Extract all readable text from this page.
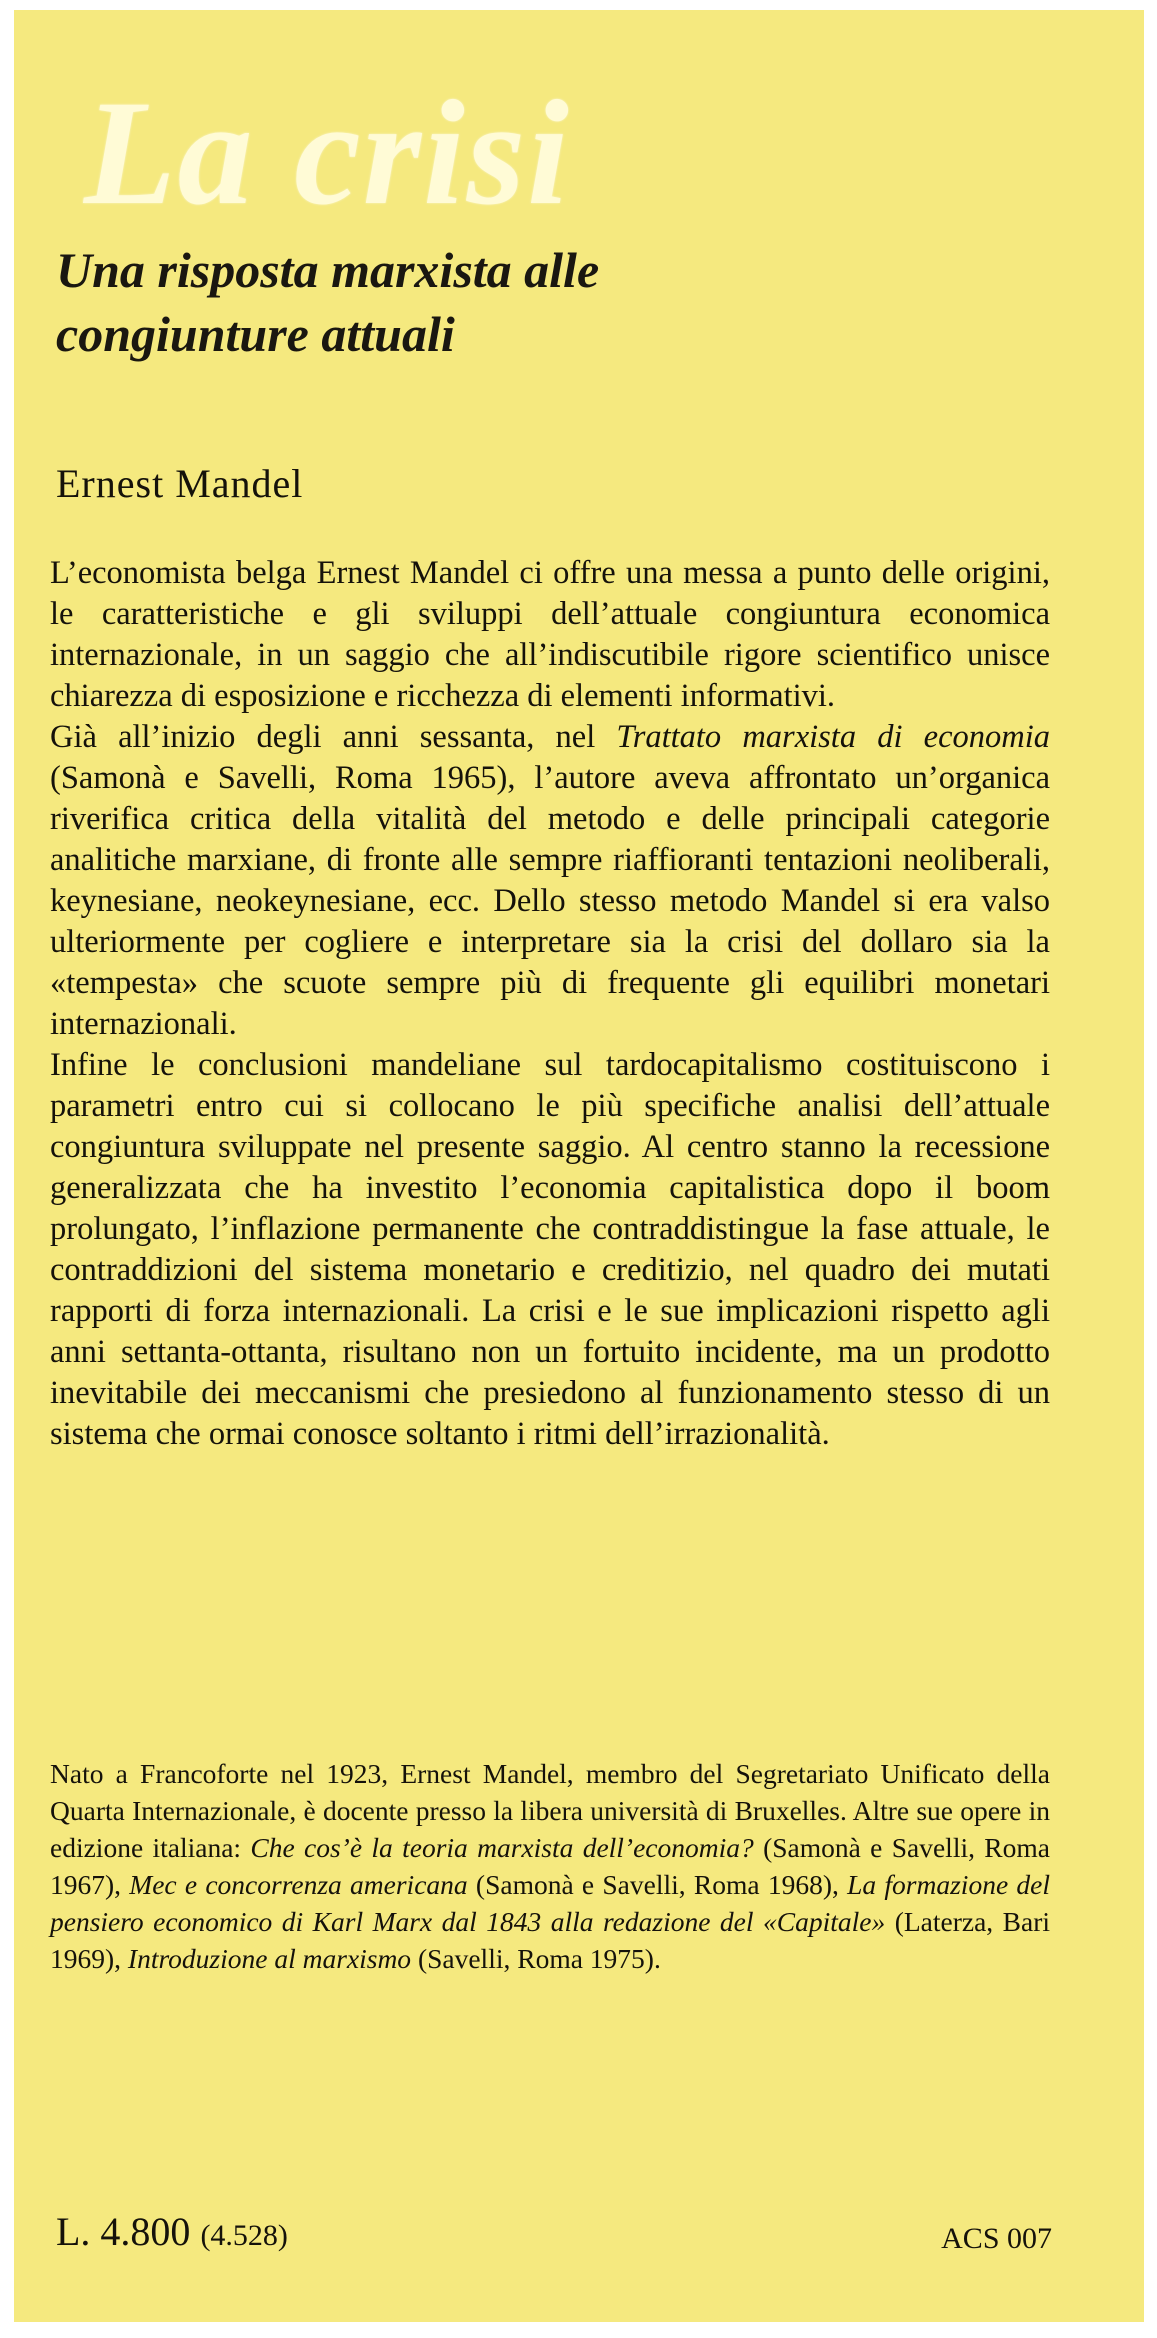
La crisi
Una risposta marxista alle
congiunture attuali
Ernest Mandel

L’economista belga Ernest Mandel ci offre una messa a punto delle origini, le caratteristiche e gli sviluppi dell’attuale congiuntura economica internazionale, in un saggio che all’indiscutibile rigore scientifico unisce chiarezza di esposizione e ricchezza di elementi informativi.

Già all’inizio degli anni sessanta, nel Trattato marxista di economia (Samonà e Savelli, Roma 1965), l’autore aveva affrontato un’organica riverifica critica della vitalità del metodo e delle principali categorie analitiche marxiane, di fronte alle sempre riaffioranti tentazioni neoliberali, keynesiane, neokeynesiane, ecc. Dello stesso metodo Mandel si era valso ulteriormente per cogliere e interpretare sia la crisi del dollaro sia la «tempesta» che scuote sempre più di frequente gli equilibri monetari internazionali.

Infine le conclusioni mandeliane sul tardocapitalismo costituiscono i parametri entro cui si collocano le più specifiche analisi dell’attuale congiuntura sviluppate nel presente saggio. Al centro stanno la recessione generalizzata che ha investito l’economia capitalistica dopo il boom prolungato, l’inflazione permanente che contraddistingue la fase attuale, le contraddizioni del sistema monetario e creditizio, nel quadro dei mutati rapporti di forza internazionali. La crisi e le sue implicazioni rispetto agli anni settanta-ottanta, risultano non un fortuito incidente, ma un prodotto inevitabile dei meccanismi che presiedono al funzionamento stesso di un sistema che ormai conosce soltanto i ritmi dell’irrazionalità.

Nato a Francoforte nel 1923, Ernest Mandel, membro del Segretariato Unificato della Quarta Internazionale, è docente presso la libera università di Bruxelles. Altre sue opere in edizione italiana: Che cos’è la teoria marxista dell’economia? (Samonà e Savelli, Roma 1967), Mec e concorrenza americana (Samonà e Savelli, Roma 1968), La formazione del pensiero economico di Karl Marx dal 1843 alla redazione del «Capitale» (Laterza, Bari 1969), Introduzione al marxismo (Savelli, Roma 1975).

L. 4.800 (4.528)	ACS 007
